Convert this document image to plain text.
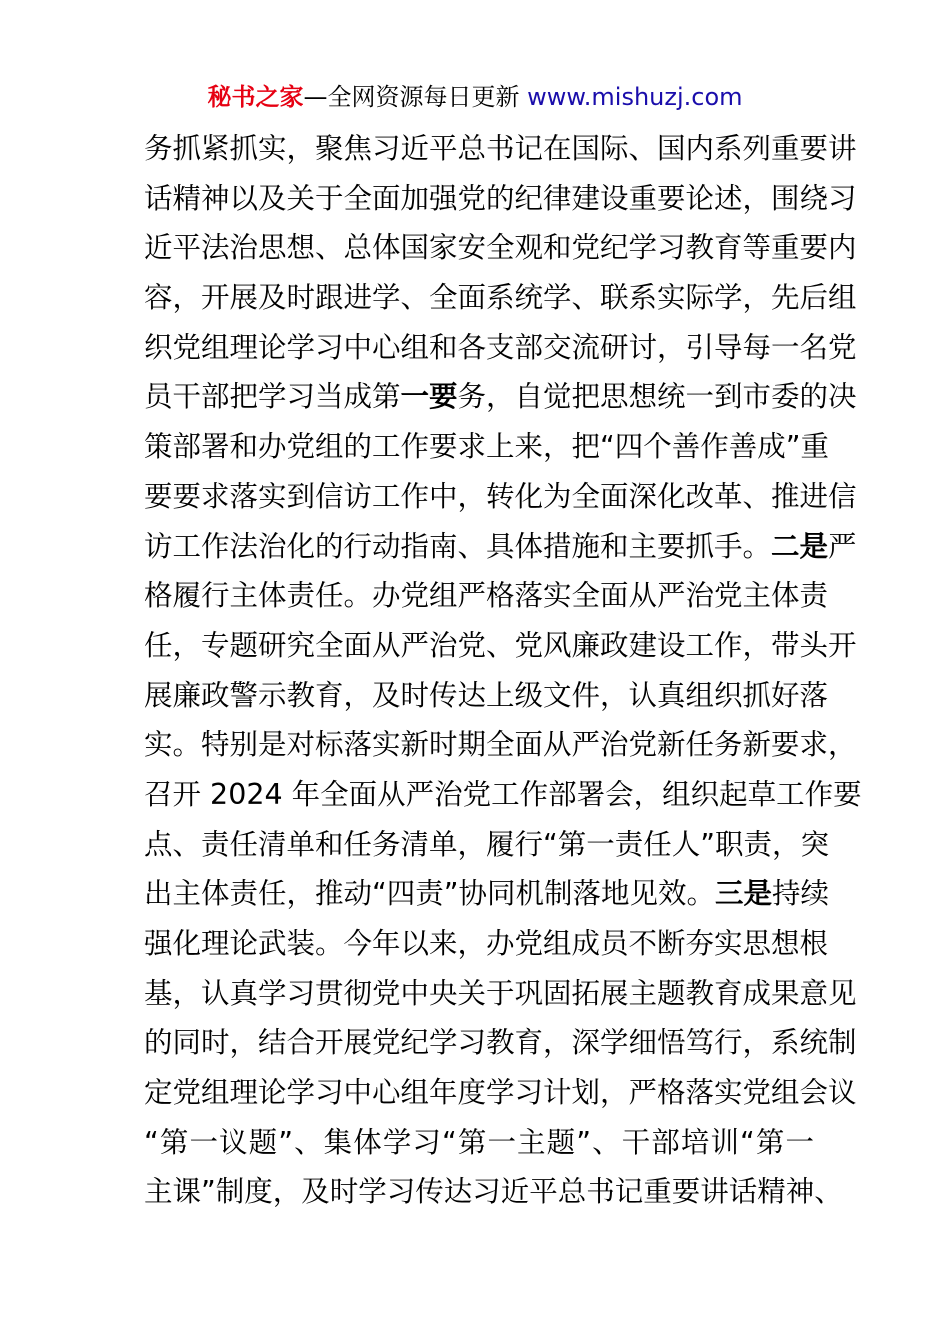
秘书之家—全网资源每日更新 www.mishuzj.com
务抓紧抓实，聚焦习近平总书记在国际、国内系列重要讲
话精神以及关于全面加强党的纪律建设重要论述，围绕习
近平法治思想、总体国家安全观和党纪学习教育等重要内
容，开展及时跟进学、全面系统学、联系实际学，先后组
织党组理论学习中心组和各支部交流研讨，引导每一名党
员干部把学习当成第一要务，自觉把思想统一到市委的决
策部署和办党组的工作要求上来，把“四个善作善成”重
要要求落实到信访工作中，转化为全面深化改革、推进信
访工作法治化的行动指南、具体措施和主要抓手。二是严
格履行主体责任。办党组严格落实全面从严治党主体责
任，专题研究全面从严治党、党风廉政建设工作，带头开
展廉政警示教育，及时传达上级文件，认真组织抓好落
实。特别是对标落实新时期全面从严治党新任务新要求，
召开 2024 年全面从严治党工作部署会，组织起草工作要
点、责任清单和任务清单，履行“第一责任人”职责，突
出主体责任，推动“四责”协同机制落地见效。三是持续
强化理论武装。今年以来，办党组成员不断夯实思想根
基，认真学习贯彻党中央关于巩固拓展主题教育成果意见
的同时，结合开展党纪学习教育，深学细悟笃行，系统制
定党组理论学习中心组年度学习计划，严格落实党组会议
“第一议题”、集体学习“第一主题”、干部培训“第一
主课”制度，及时学习传达习近平总书记重要讲话精神、
